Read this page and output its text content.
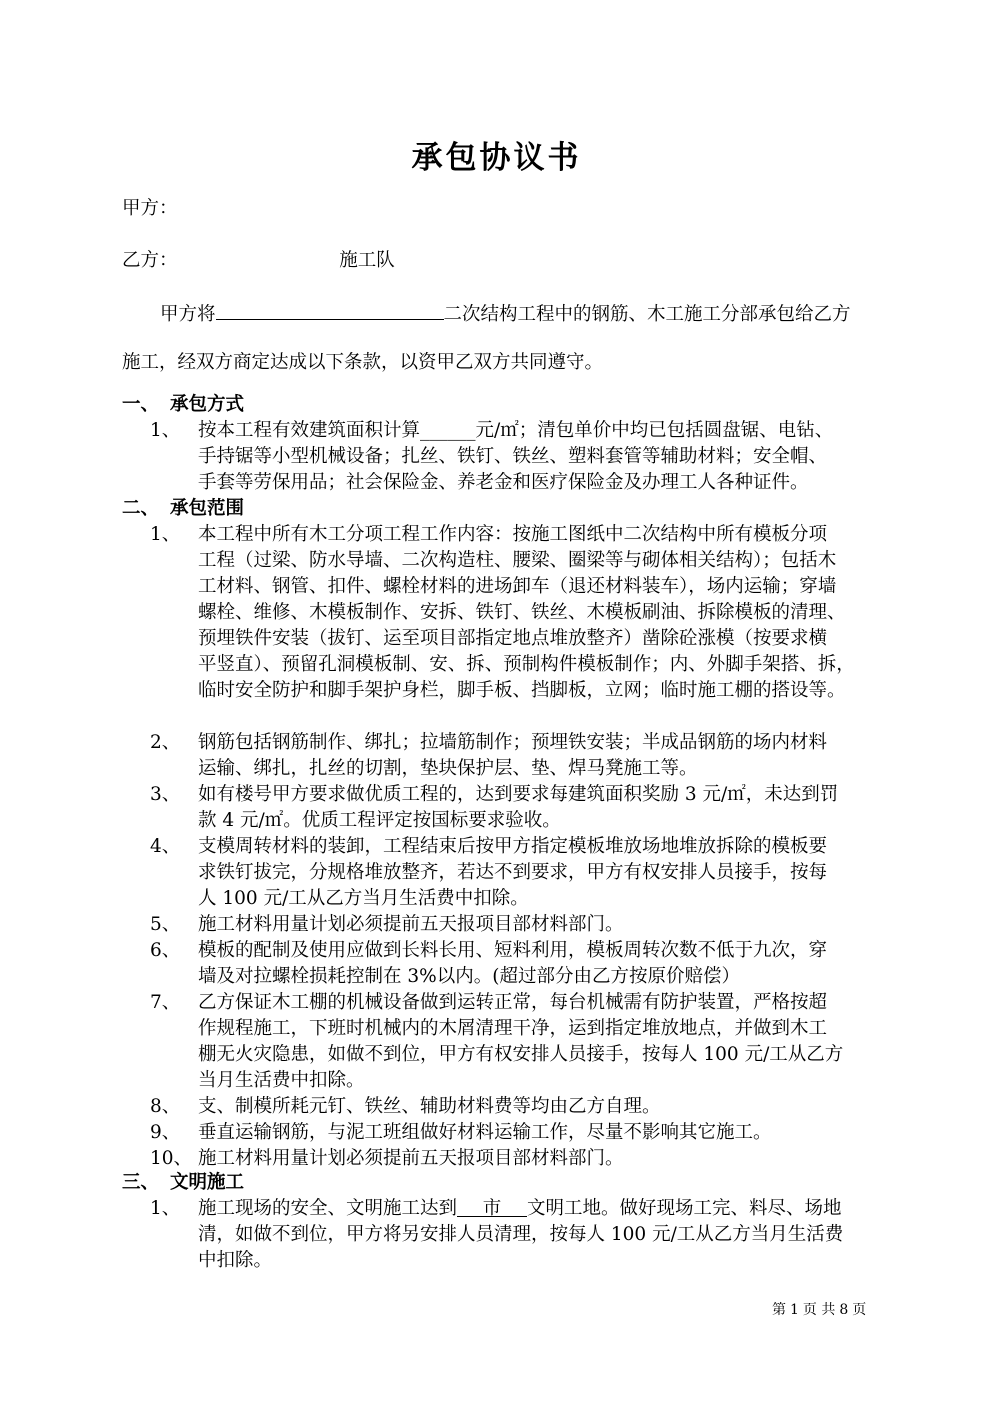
承包协议书
甲方：
乙方：	施工队
甲方将	二次结构工程中的钢筋、木工施工分部承包给乙方
施工，经双方商定达成以下条款，以资甲乙双方共同遵守。
一、 承包方式
1、 按本工程有效建筑面积计算______元/㎡；清包单价中均已包括圆盘锯、电钻、
手持锯等小型机械设备；扎丝、铁钉、铁丝、塑料套管等辅助材料；安全帽、
手套等劳保用品；社会保险金、养老金和医疗保险金及办理工人各种证件。
二、 承包范围
1、 本工程中所有木工分项工程工作内容：按施工图纸中二次结构中所有模板分项
工程（过梁、防水导墙、二次构造柱、腰梁、圈梁等与砌体相关结构）；包括木
工材料、钢管、扣件、螺栓材料的进场卸车（退还材料装车），场内运输；穿墙
螺栓、维修、木模板制作、安拆、铁钉、铁丝、木模板刷油、拆除模板的清理、
预埋铁件安装（拔钉、运至项目部指定地点堆放整齐）凿除砼涨模（按要求横
平竖直）、预留孔洞模板制、安、拆、预制构件模板制作；内、外脚手架搭、拆，
临时安全防护和脚手架护身栏，脚手板、挡脚板，立网；临时施工棚的搭设等。
2、 钢筋包括钢筋制作、绑扎；拉墙筋制作；预埋铁安装；半成品钢筋的场内材料
运输、绑扎，扎丝的切割，垫块保护层、垫、焊马凳施工等。
3、 如有楼号甲方要求做优质工程的，达到要求每建筑面积奖励 3 元/㎡，未达到罚
款 4 元/㎡。优质工程评定按国标要求验收。
4、 支模周转材料的装卸，工程结束后按甲方指定模板堆放场地堆放拆除的模板要
求铁钉拔完，分规格堆放整齐，若达不到要求，甲方有权安排人员接手，按每
人 100 元/工从乙方当月生活费中扣除。
5、 施工材料用量计划必须提前五天报项目部材料部门。
6、 模板的配制及使用应做到长料长用、短料利用，模板周转次数不低于九次，穿
墙及对拉螺栓损耗控制在 3%以内。(超过部分由乙方按原价赔偿）
7、 乙方保证木工棚的机械设备做到运转正常，每台机械需有防护装置，严格按超
作规程施工，下班时机械内的木屑清理干净，运到指定堆放地点，并做到木工
棚无火灾隐患，如做不到位，甲方有权安排人员接手，按每人 100 元/工从乙方
当月生活费中扣除。
8、 支、制模所耗元钉、铁丝、辅助材料费等均由乙方自理。
9、 垂直运输钢筋，与泥工班组做好材料运输工作，尽量不影响其它施工。
10、 施工材料用量计划必须提前五天报项目部材料部门。
三、 文明施工
1、 施工现场的安全、文明施工达到 市 文明工地。做好现场工完、料尽、场地
清，如做不到位，甲方将另安排人员清理，按每人 100 元/工从乙方当月生活费
中扣除。
第 1 页 共 8 页
